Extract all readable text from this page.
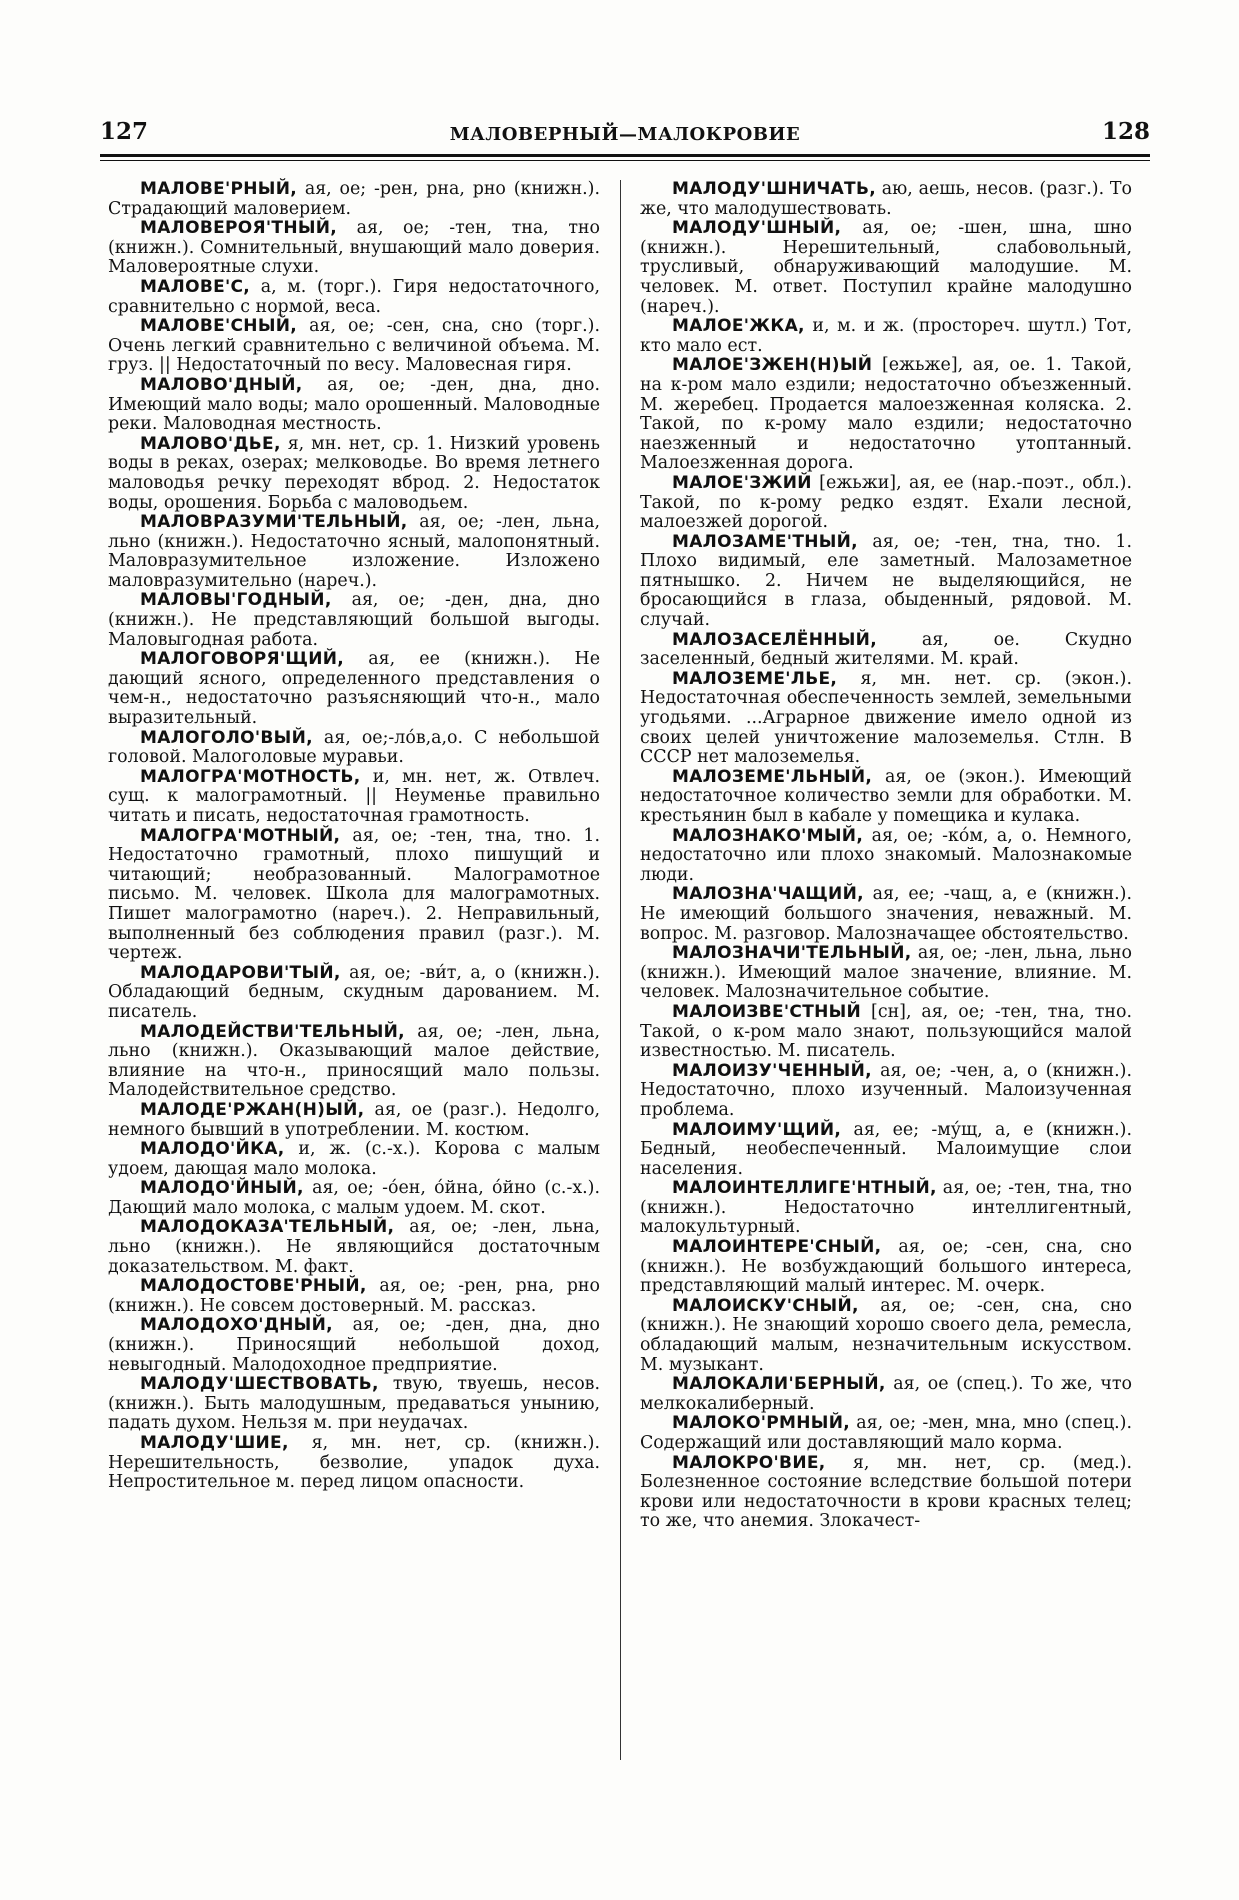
127	МАЛОВЕРНЫЙ—МАЛОКРОВИЕ	128

МАЛОВЕ'РНЫЙ, ая, ое; -рен, рна, рно (книжн.). Страдающий маловерием.

МАЛОВЕРОЯ'ТНЫЙ, ая, ое; -тен, тна, тно (книжн.). Сомнительный, внушающий мало доверия. Маловероятные слухи.

МАЛОВЕ'С, а, м. (торг.). Гиря недостаточного, сравнительно с нормой, веса.

МАЛОВЕ'СНЫЙ, ая, ое; -сен, сна, сно (торг.). Очень легкий сравнительно с величиной объема. М. груз. || Недостаточный по весу. Маловесная гиря.

МАЛОВО'ДНЫЙ, ая, ое; -ден, дна, дно. Имеющий мало воды; мало орошенный. Маловодные реки. Маловодная местность.

МАЛОВО'ДЬЕ, я, мн. нет, ср. 1. Низкий уровень воды в реках, озерах; мелководье. Во время летнего маловодья речку переходят вброд. 2. Недостаток воды, орошения. Борьба с маловодьем.

МАЛОВРАЗУМИ'ТЕЛЬНЫЙ, ая, ое; -лен, льна, льно (книжн.). Недостаточно ясный, малопонятный. Маловразумительное изложение. Изложено маловразумительно (нареч.).

МАЛОВЫ'ГОДНЫЙ, ая, ое; -ден, дна, дно (книжн.). Не представляющий большой выгоды. Маловыгодная работа.

МАЛОГОВОРЯ'ЩИЙ, ая, ее (книжн.). Не дающий ясного, определенного представления о чем-н., недостаточно разъясняющий что-н., мало выразительный.

МАЛОГОЛО'ВЫЙ, ая, ое;-ло́в,а,о. С небольшой головой. Малоголовые муравьи.

МАЛОГРА'МОТНОСТЬ, и, мн. нет, ж. Отвлеч. сущ. к малограмотный. || Неуменье правильно читать и писать, недостаточная грамотность.

МАЛОГРА'МОТНЫЙ, ая, ое; -тен, тна, тно. 1. Недостаточно грамотный, плохо пишущий и читающий; необразованный. Малограмотное письмо. М. человек. Школа для малограмотных. Пишет малограмотно (нареч.). 2. Неправильный, выполненный без соблюдения правил (разг.). М. чертеж.

МАЛОДАРОВИ'ТЫЙ, ая, ое; -ви́т, а, о (книжн.). Обладающий бедным, скудным дарованием. М. писатель.

МАЛОДЕЙСТВИ'ТЕЛЬНЫЙ, ая, ое; -лен, льна, льно (книжн.). Оказывающий малое действие, влияние на что-н., приносящий мало пользы. Малодействительное средство.

МАЛОДЕ'РЖАН(Н)ЫЙ, ая, ое (разг.). Недолго, немного бывший в употреблении. М. костюм.

МАЛОДО'ЙКА, и, ж. (с.-х.). Корова с малым удоем, дающая мало молока.

МАЛОДО'ЙНЫЙ, ая, ое; -о́ен, о́йна, о́йно (с.-х.). Дающий мало молока, с малым удоем. М. скот.

МАЛОДОКАЗА'ТЕЛЬНЫЙ, ая, ое; -лен, льна, льно (книжн.). Не являющийся достаточным доказательством. М. факт.

МАЛОДОСТОВЕ'РНЫЙ, ая, ое; -рен, рна, рно (книжн.). Не совсем достоверный. М. рассказ.

МАЛОДОХО'ДНЫЙ, ая, ое; -ден, дна, дно (книжн.). Приносящий небольшой доход, невыгодный. Малодоходное предприятие.

МАЛОДУ'ШЕСТВОВАТЬ, твую, твуешь, несов. (книжн.). Быть малодушным, предаваться унынию, падать духом. Нельзя м. при неудачах.

МАЛОДУ'ШИЕ, я, мн. нет, ср. (книжн.). Нерешительность, безволие, упадок духа. Непростительное м. перед лицом опасности.

МАЛОДУ'ШНИЧАТЬ, аю, аешь, несов. (разг.). То же, что малодушествовать.

МАЛОДУ'ШНЫЙ, ая, ое; -шен, шна, шно (книжн.). Нерешительный, слабовольный, трусливый, обнаруживающий малодушие. М. человек. М. ответ. Поступил крайне малодушно (нареч.).

МАЛОЕ'ЖКА, и, м. и ж. (простореч. шутл.) Тот, кто мало ест.

МАЛОЕ'ЗЖЕН(Н)ЫЙ [ежьже], ая, ое. 1. Такой, на к-ром мало ездили; недостаточно объезженный. М. жеребец. Продается малоезженная коляска. 2. Такой, по к-рому мало ездили; недостаточно наезженный и недостаточно утоптанный. Малоезженная дорога.

МАЛОЕ'ЗЖИЙ [ежьжи], ая, ее (нар.-поэт., обл.). Такой, по к-рому редко ездят. Ехали лесной, малоезжей дорогой.

МАЛОЗАМЕ'ТНЫЙ, ая, ое; -тен, тна, тно. 1. Плохо видимый, еле заметный. Малозаметное пятнышко. 2. Ничем не выделяющийся, не бросающийся в глаза, обыденный, рядовой. М. случай.

МАЛОЗАСЕЛЁННЫЙ, ая, ое. Скудно заселенный, бедный жителями. М. край.

МАЛОЗЕМЕ'ЛЬЕ, я, мн. нет. ср. (экон.). Недостаточная обеспеченность землей, земельными угодьями. ...Аграрное движение имело одной из своих целей уничтожение малоземелья. Стлн. В СССР нет малоземелья.

МАЛОЗЕМЕ'ЛЬНЫЙ, ая, ое (экон.). Имеющий недостаточное количество земли для обработки. М. крестьянин был в кабале у помещика и кулака.

МАЛОЗНАКО'МЫЙ, ая, ое; -ко́м, а, о. Немного, недостаточно или плохо знакомый. Малознакомые люди.

МАЛОЗНА'ЧАЩИЙ, ая, ее; -чащ, а, е (книжн.). Не имеющий большого значения, неважный. М. вопрос. М. разговор. Малозначащее обстоятельство.

МАЛОЗНАЧИ'ТЕЛЬНЫЙ, ая, ое; -лен, льна, льно (книжн.). Имеющий малое значение, влияние. М. человек. Малозначительное событие.

МАЛОИЗВЕ'СТНЫЙ [сн], ая, ое; -тен, тна, тно. Такой, о к-ром мало знают, пользующийся малой известностью. М. писатель.

МАЛОИЗУ'ЧЕННЫЙ, ая, ое; -чен, а, о (книжн.). Недостаточно, плохо изученный. Малоизученная проблема.

МАЛОИМУ'ЩИЙ, ая, ее; -му́щ, а, е (книжн.). Бедный, необеспеченный. Малоимущие слои населения.

МАЛОИНТЕЛЛИГЕ'НТНЫЙ, ая, ое; -тен, тна, тно (книжн.). Недостаточно интеллигентный, малокультурный.

МАЛОИНТЕРЕ'СНЫЙ, ая, ое; -сен, сна, сно (книжн.). Не возбуждающий большого интереса, представляющий малый интерес. М. очерк.

МАЛОИСКУ'СНЫЙ, ая, ое; -сен, сна, сно (книжн.). Не знающий хорошо своего дела, ремесла, обладающий малым, незначительным искусством. М. музыкант.

МАЛОКАЛИ'БЕРНЫЙ, ая, ое (спец.). То же, что мелкокалиберный.

МАЛОКО'РМНЫЙ, ая, ое; -мен, мна, мно (спец.). Содержащий или доставляющий мало корма.

МАЛОКРО'ВИЕ, я, мн. нет, ср. (мед.). Болезненное состояние вследствие большой потери крови или недостаточности в крови красных телец; то же, что анемия. Злокачест-
